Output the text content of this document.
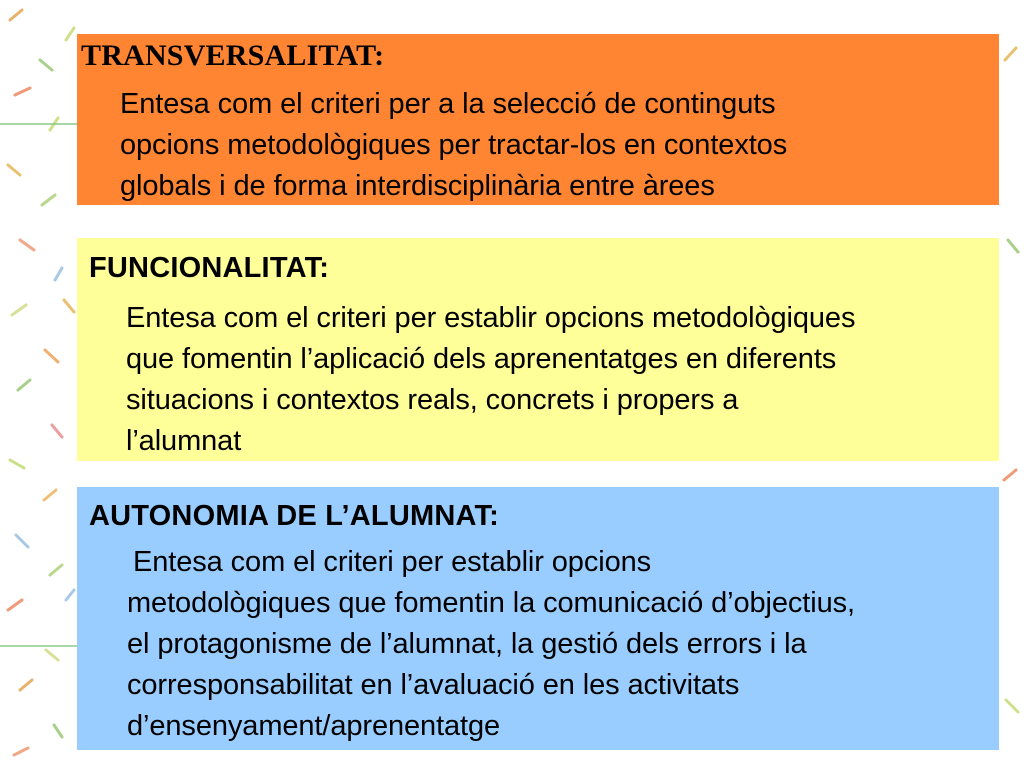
TRANSVERSALITAT:
Entesa com el criteri per a la selecció de continguts
opcions metodològiques per tractar-los en contextos
globals i de forma interdisciplinària entre àrees
FUNCIONALITAT:
Entesa com el criteri per establir opcions metodològiques
que fomentin l’aplicació dels aprenentatges en diferents
situacions i contextos reals, concrets i propers a
l’alumnat
AUTONOMIA DE L’ALUMNAT:
Entesa com el criteri per establir opcions
metodològiques que fomentin la comunicació d’objectius,
el protagonisme de l’alumnat, la gestió dels errors i la
corresponsabilitat en l’avaluació en les activitats
d’ensenyament/aprenentatge
